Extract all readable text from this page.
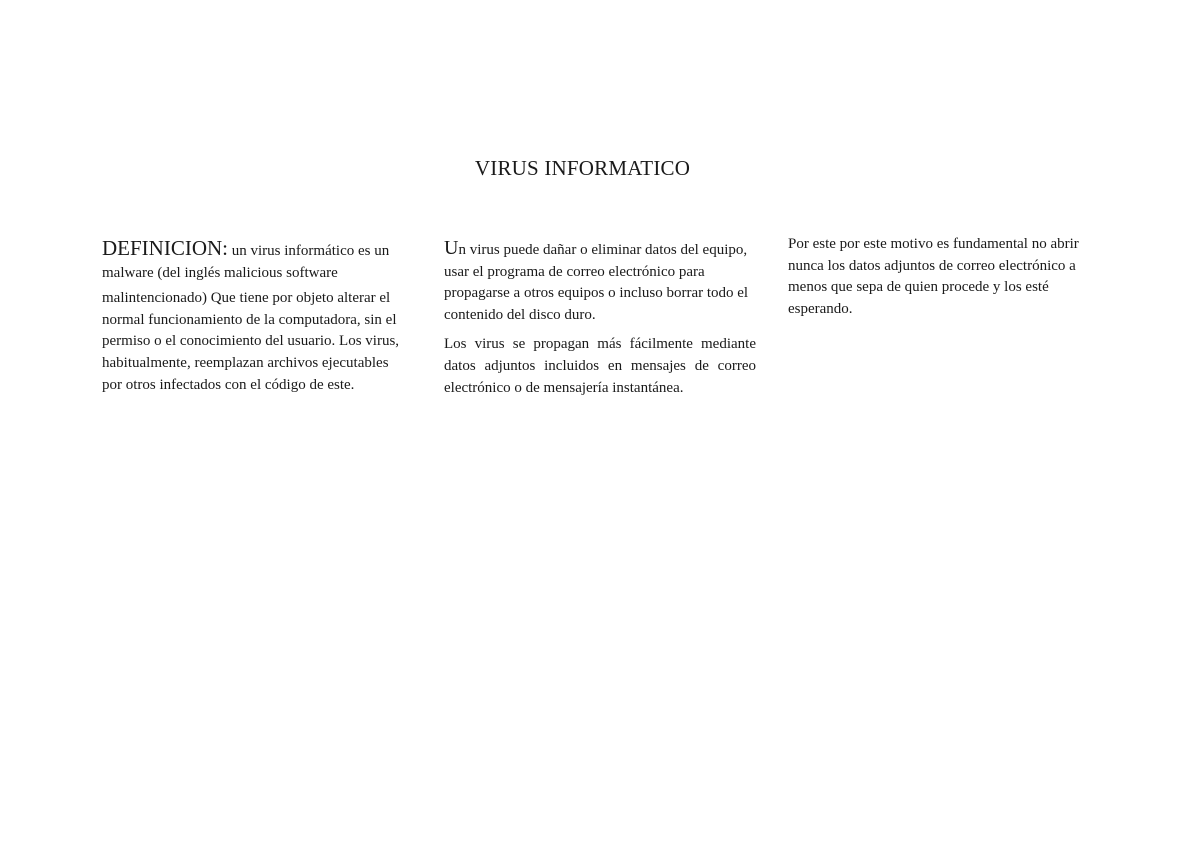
VIRUS INFORMATICO

DEFINICION: un virus informático es un malware (del inglés malicious software

malintencionado) Que tiene por objeto alterar el normal funcionamiento de la computadora, sin el permiso o el conocimiento del usuario. Los virus, habitualmente, reemplazan archivos ejecutables por otros infectados con el código de este.

Un virus puede dañar o eliminar datos del equipo, usar el programa de correo electrónico para propagarse a otros equipos o incluso borrar todo el contenido del disco duro.

Los virus se propagan más fácilmente mediante datos adjuntos incluidos en mensajes de correo electrónico o de mensajería instantánea.

Por este por este motivo es fundamental no abrir nunca los datos adjuntos de correo electrónico a menos que sepa de quien procede y los esté esperando.
